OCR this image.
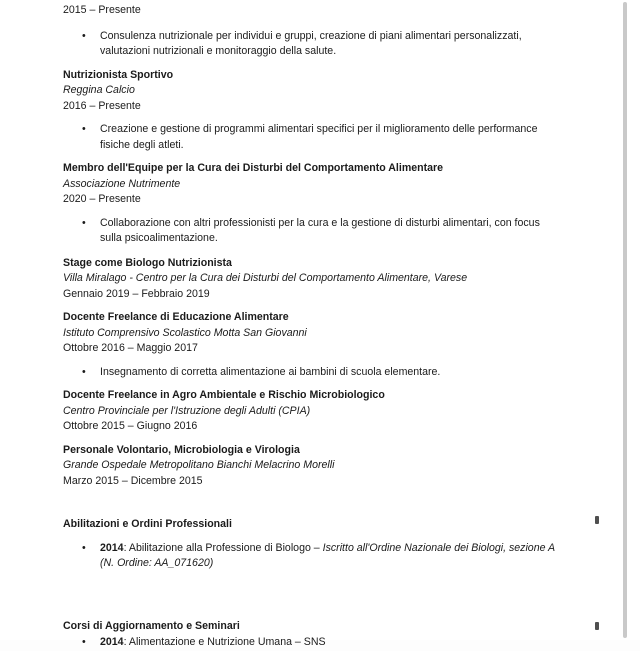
2015 – Presente
•	Consulenza nutrizionale per individui e gruppi, creazione di piani alimentari personalizzati, valutazioni nutrizionali e monitoraggio della salute.
Nutrizionista Sportivo
Reggina Calcio
2016 – Presente
•	Creazione e gestione di programmi alimentari specifici per il miglioramento delle performance fisiche degli atleti.
Membro dell'Equipe per la Cura dei Disturbi del Comportamento Alimentare
Associazione Nutrimente
2020 – Presente
•	Collaborazione con altri professionisti per la cura e la gestione di disturbi alimentari, con focus sulla psicoalimentazione.
Stage come Biologo Nutrizionista
Villa Miralago - Centro per la Cura dei Disturbi del Comportamento Alimentare, Varese
Gennaio 2019 – Febbraio 2019
Docente Freelance di Educazione Alimentare
Istituto Comprensivo Scolastico Motta San Giovanni
Ottobre 2016 – Maggio 2017
•	Insegnamento di corretta alimentazione ai bambini di scuola elementare.
Docente Freelance in Agro Ambientale e Rischio Microbiologico
Centro Provinciale per l'Istruzione degli Adulti (CPIA)
Ottobre 2015 – Giugno 2016
Personale Volontario, Microbiologia e Virologia
Grande Ospedale Metropolitano Bianchi Melacrino Morelli
Marzo 2015 – Dicembre 2015
Abilitazioni e Ordini Professionali
•	2014: Abilitazione alla Professione di Biologo – Iscritto all'Ordine Nazionale dei Biologi, sezione A (N. Ordine: AA_071620)
Corsi di Aggiornamento e Seminari
•	2014: Alimentazione e Nutrizione Umana – SNS
